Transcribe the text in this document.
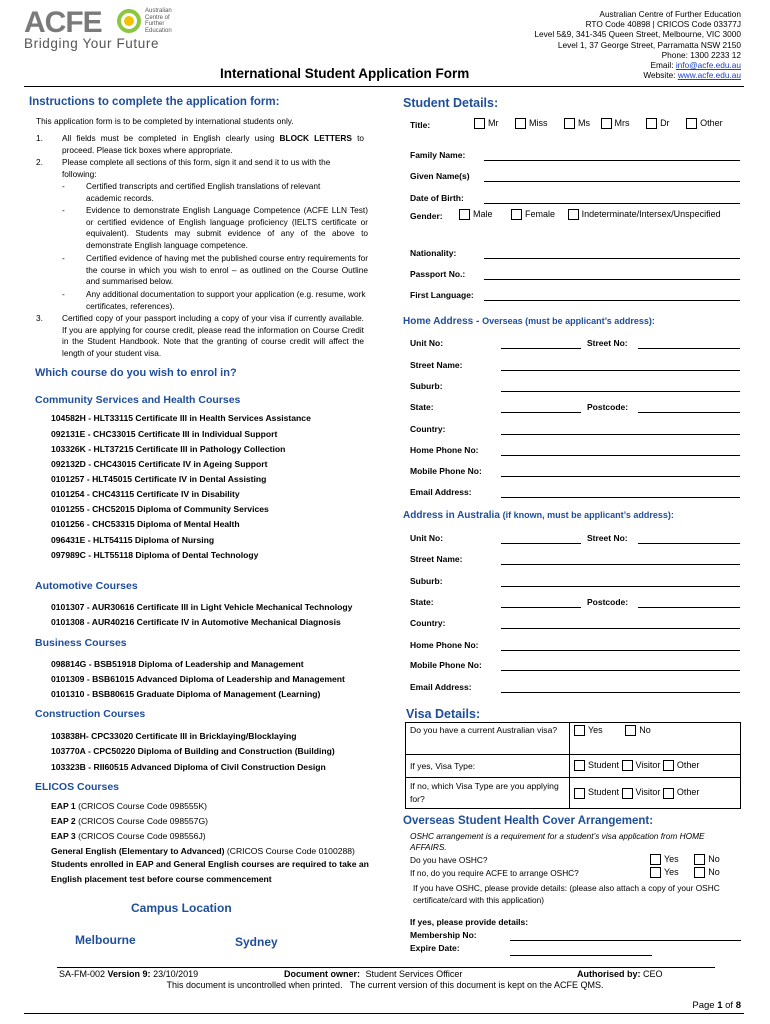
ACFE	Australian
Centre of
Further
Education
Bridging Your Future
International Student Application Form
Australian Centre of Further Education
RTO Code 40898 | CRICOS Code 03377J
Level 5&9, 341-345 Queen Street, Melbourne, VIC 3000
Level 1, 37 George Street, Parramatta NSW 2150
Phone: 1300 2233 12
Email: info@acfe.edu.au
Website: www.acfe.edu.au
Instructions to complete the application form:
This application form is to be completed by international students only.
1. All fields must be completed in English clearly using BLOCK LETTERS to proceed. Please tick boxes where appropriate.
2. Please complete all sections of this form, sign it and send it to us with the following:
-	Certified transcripts and certified English translations of relevant academic records.
-	Evidence to demonstrate English Language Competence (ACFE LLN Test) or certified evidence of English language proficiency (IELTS certificate or equivalent). Students may submit evidence of any of the above to demonstrate English language competence.
-	Certified evidence of having met the published course entry requirements for the course in which you wish to enrol – as outlined on the Course Outline and summarised below.
-	Any additional documentation to support your application (e.g. resume, work certificates, references).
3. Certified copy of your passport including a copy of your visa if currently available. If you are applying for course credit, please read the information on Course Credit in the Student Handbook. Note that the granting of course credit will affect the length of your student visa.
Which course do you wish to enrol in?
Community Services and Health Courses
104582H - HLT33115 Certificate III in Health Services Assistance
092131E - CHC33015 Certificate III in Individual Support
103326K - HLT37215 Certificate III in Pathology Collection
092132D - CHC43015 Certificate IV in Ageing Support
0101257 - HLT45015 Certificate IV in Dental Assisting
0101254 - CHC43115 Certificate IV in Disability
0101255 - CHC52015 Diploma of Community Services
0101256 - CHC53315 Diploma of Mental Health
096431E - HLT54115 Diploma of Nursing
097989C - HLT55118 Diploma of Dental Technology
Automotive Courses
0101307 - AUR30616 Certificate III in Light Vehicle Mechanical Technology
0101308 - AUR40216 Certificate IV in Automotive Mechanical Diagnosis
Business Courses
098814G - BSB51918 Diploma of Leadership and Management
0101309 - BSB61015 Advanced Diploma of Leadership and Management
0101310 - BSB80615 Graduate Diploma of Management (Learning)
Construction Courses
103838H- CPC33020 Certificate III in Bricklaying/Blocklaying
103770A - CPC50220 Diploma of Building and Construction (Building)
103323B - RII60515 Advanced Diploma of Civil Construction Design
ELICOS Courses
EAP 1 (CRICOS Course Code 098555K)
EAP 2 (CRICOS Course Code 098557G)
EAP 3 (CRICOS Course Code 098556J)
General English (Elementary to Advanced) (CRICOS Course Code 0100288)
Students enrolled in EAP and General English courses are required to take an English placement test before course commencement
Campus Location
Melbourne	Sydney
Student Details:
Title:	Mr	Miss	Ms	Mrs	Dr	Other
Family Name:
Given Name(s)
Date of Birth:
Gender:	Male	Female	Indeterminate/Intersex/Unspecified
Nationality:
Passport No.:
First Language:
Home Address - Overseas (must be applicant’s address):
Unit No:	Street No:
Street Name:
Suburb:
State:	Postcode:
Country:
Home Phone No:
Mobile Phone No:
Email Address:
Address in Australia (if known, must be applicant’s address):
Unit No:	Street No:
Street Name:
Suburb:
State:	Postcode:
Country:
Home Phone No:
Mobile Phone No:
Email Address:
Visa Details:
Do you have a current Australian visa?	Yes No
If yes, Visa Type:	Student Visitor Other
If no, which Visa Type are you applying for?	Student Visitor Other
Overseas Student Health Cover Arrangement:
OSHC arrangement is a requirement for a student’s visa application from HOME AFFAIRS.
Do you have OSHC?	Yes	No
If no, do you require ACFE to arrange OSHC?	Yes	No
If you have OSHC, please provide details: (please also attach a copy of your OSHC certificate/card with this application)
If yes, please provide details:
Membership No:
Expire Date:
SA-FM-002 Version 9: 23/10/2019	Document owner: Student Services Officer	Authorised by: CEO
This document is uncontrolled when printed.   The current version of this document is kept on the ACFE QMS.
Page 1 of 8
